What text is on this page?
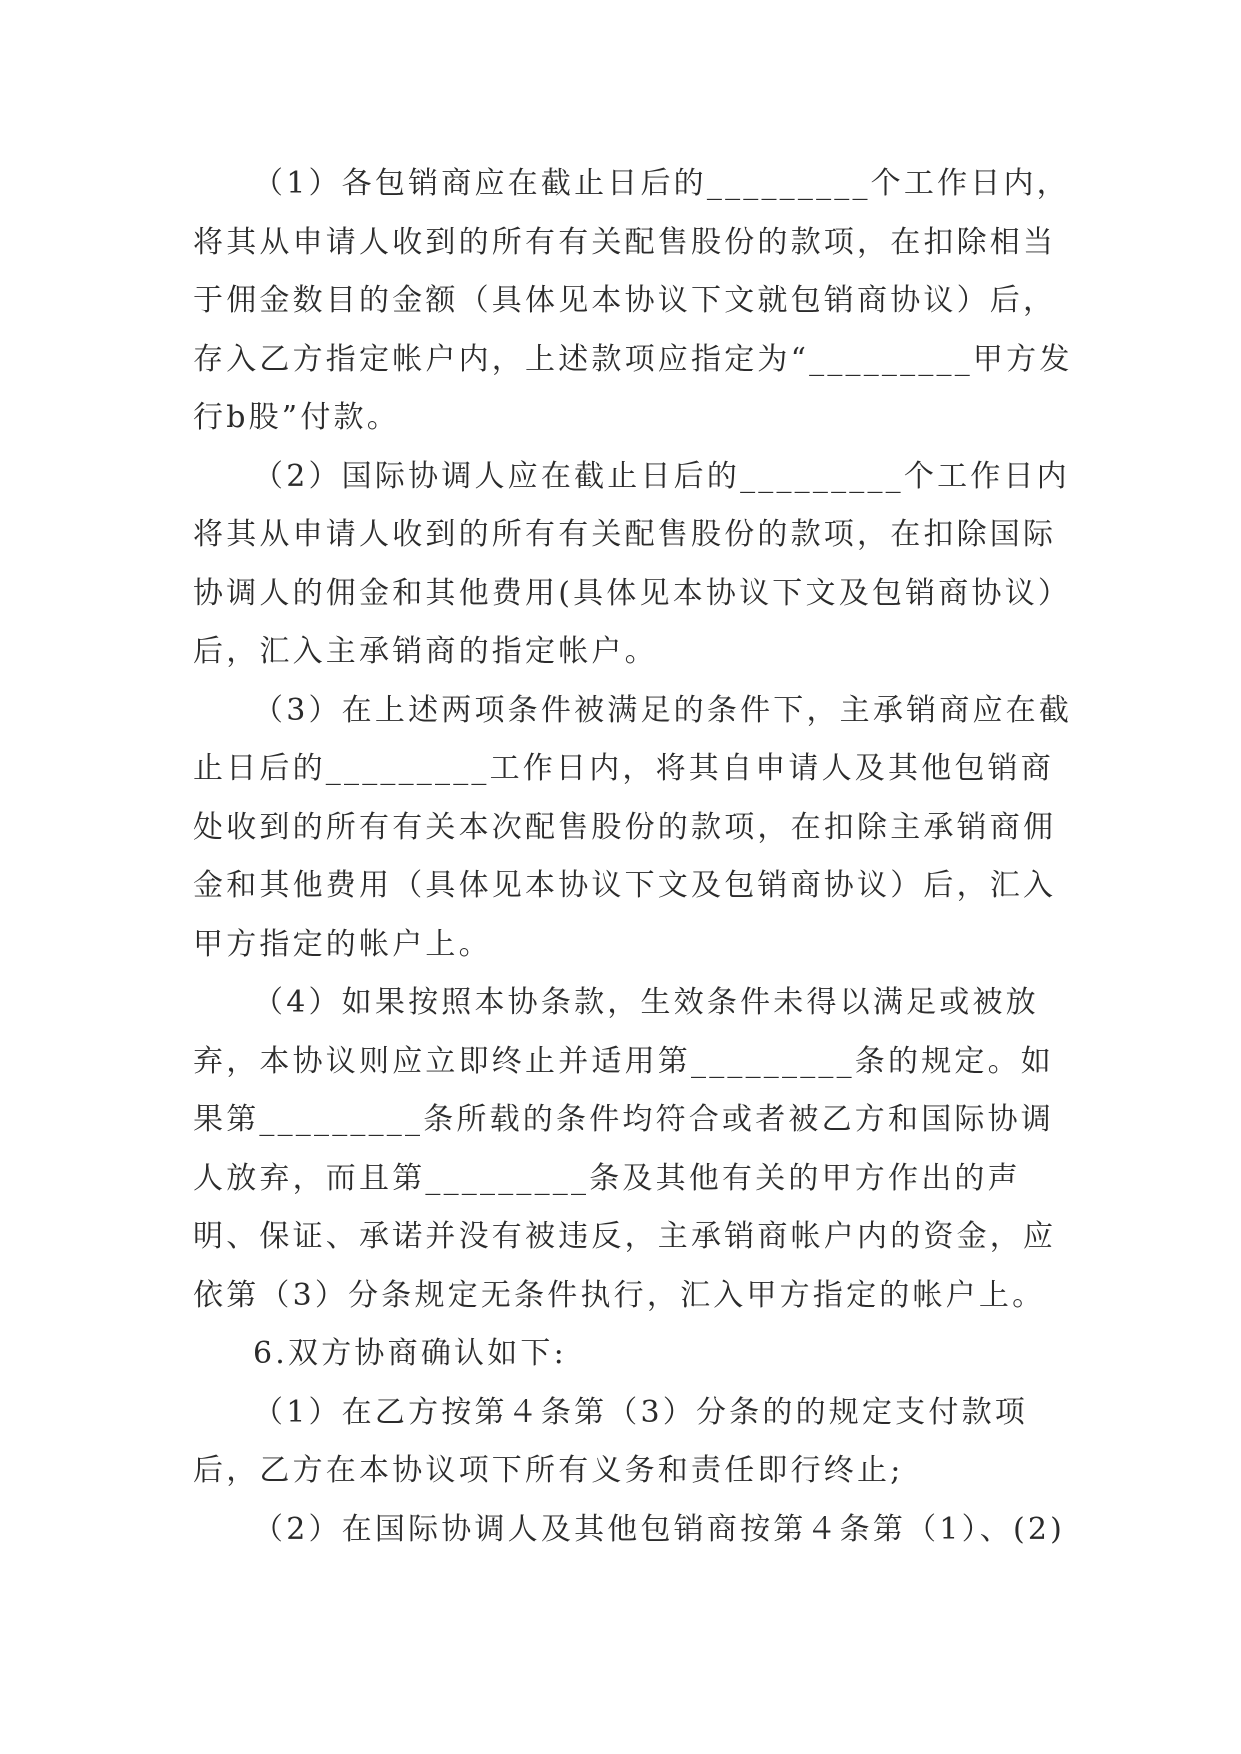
（1）各包销商应在截止日后的_________个工作日内，将其从申请人收到的所有有关配售股份的款项，在扣除相当于佣金数目的金额（具体见本协议下文就包销商协议）后，存入乙方指定帐户内，上述款项应指定为“_________甲方发行b股”付款。

（2）国际协调人应在截止日后的_________个工作日内将其从申请人收到的所有有关配售股份的款项，在扣除国际协调人的佣金和其他费用(具体见本协议下文及包销商协议）后，汇入主承销商的指定帐户。

（3）在上述两项条件被满足的条件下，主承销商应在截止日后的_________工作日内，将其自申请人及其他包销商处收到的所有有关本次配售股份的款项，在扣除主承销商佣金和其他费用（具体见本协议下文及包销商协议）后，汇入甲方指定的帐户上。

（4）如果按照本协条款，生效条件未得以满足或被放弃，本协议则应立即终止并适用第_________条的规定。如果第_________条所载的条件均符合或者被乙方和国际协调人放弃，而且第_________条及其他有关的甲方作出的声明、保证、承诺并没有被违反，主承销商帐户内的资金，应依第（3）分条规定无条件执行，汇入甲方指定的帐户上。

6.双方协商确认如下:

（1）在乙方按第４条第（3）分条的的规定支付款项后，乙方在本协议项下所有义务和责任即行终止;

（2）在国际协调人及其他包销商按第４条第（1）、(2)
